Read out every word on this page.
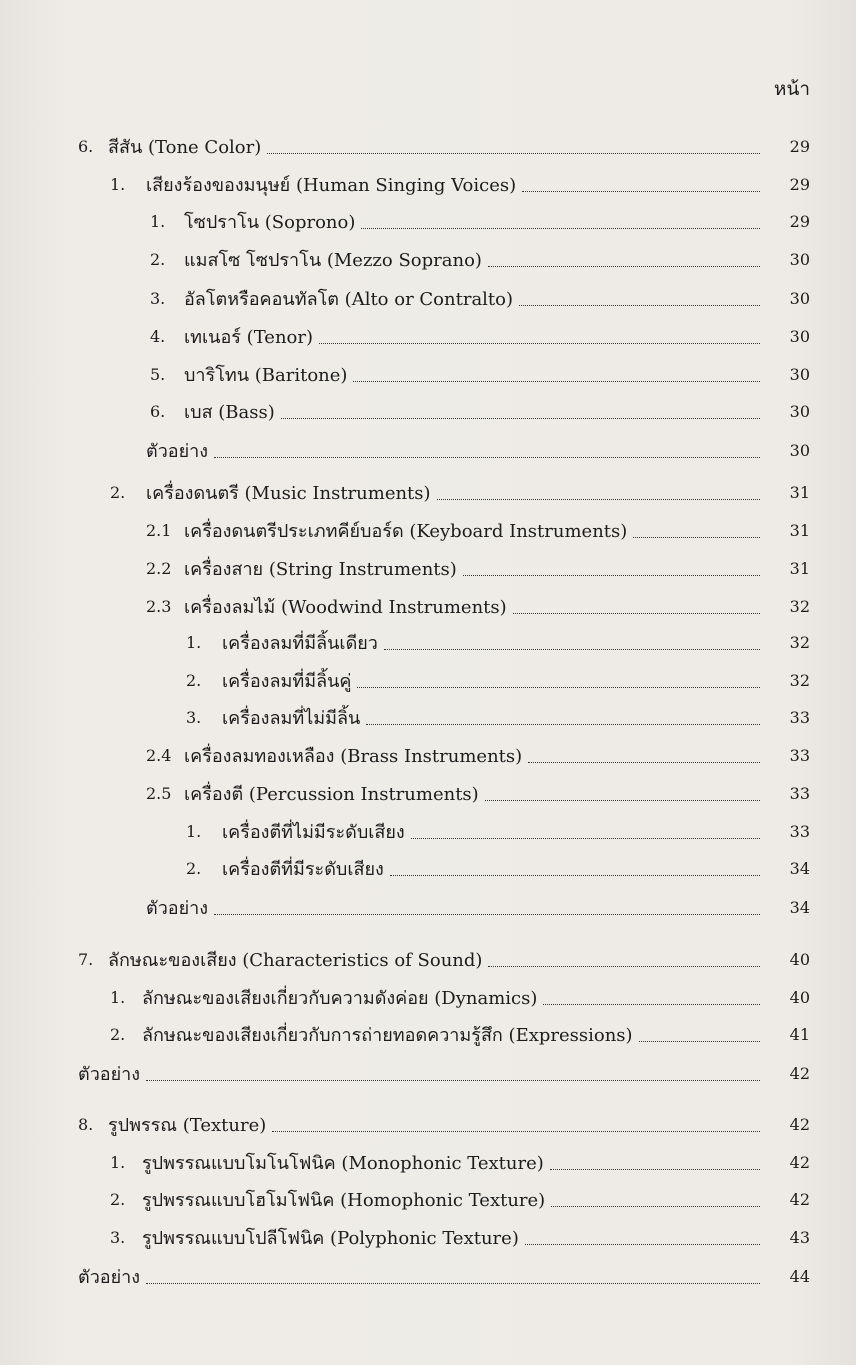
หน้า
6. สีสัน (Tone Color)	29
1.	เสียงร้องของมนุษย์ (Human Singing Voices)	29
1.	โซปราโน (Soprono)	29
2.	แมสโซ โซปราโน (Mezzo Soprano)	30
3.	อัลโตหรือคอนทัลโต (Alto or Contralto)	30
4.	เทเนอร์ (Tenor)	30
5.	บาริโทน (Baritone)	30
6.	เบส (Bass)	30
ตัวอย่าง	30
2.	เครื่องดนตรี (Music Instruments)	31
2.1 เครื่องดนตรีประเภทคีย์บอร์ด (Keyboard Instruments)	31
2.2 เครื่องสาย (String Instruments)	31
2.3 เครื่องลมไม้ (Woodwind Instruments)	32
1.	เครื่องลมที่มีลิ้นเดียว	32
2.	เครื่องลมที่มีลิ้นคู่	32
3.	เครื่องลมที่ไม่มีลิ้น	33
2.4 เครื่องลมทองเหลือง (Brass Instruments)	33
2.5 เครื่องตี (Percussion Instruments)	33
1.	เครื่องตีที่ไม่มีระดับเสียง	33
2.	เครื่องตีที่มีระดับเสียง	34
ตัวอย่าง	34
7. ลักษณะของเสียง (Characteristics of Sound)	40
1. ลักษณะของเสียงเกี่ยวกับความดังค่อย (Dynamics)	40
2. ลักษณะของเสียงเกี่ยวกับการถ่ายทอดความรู้สึก (Expressions)	41
ตัวอย่าง	42
8. รูปพรรณ (Texture)	42
1. รูปพรรณแบบโมโนโฟนิค (Monophonic Texture)	42
2. รูปพรรณแบบโฮโมโฟนิค (Homophonic Texture)	42
3. รูปพรรณแบบโปลีโฟนิค (Polyphonic Texture)	43
ตัวอย่าง	44
